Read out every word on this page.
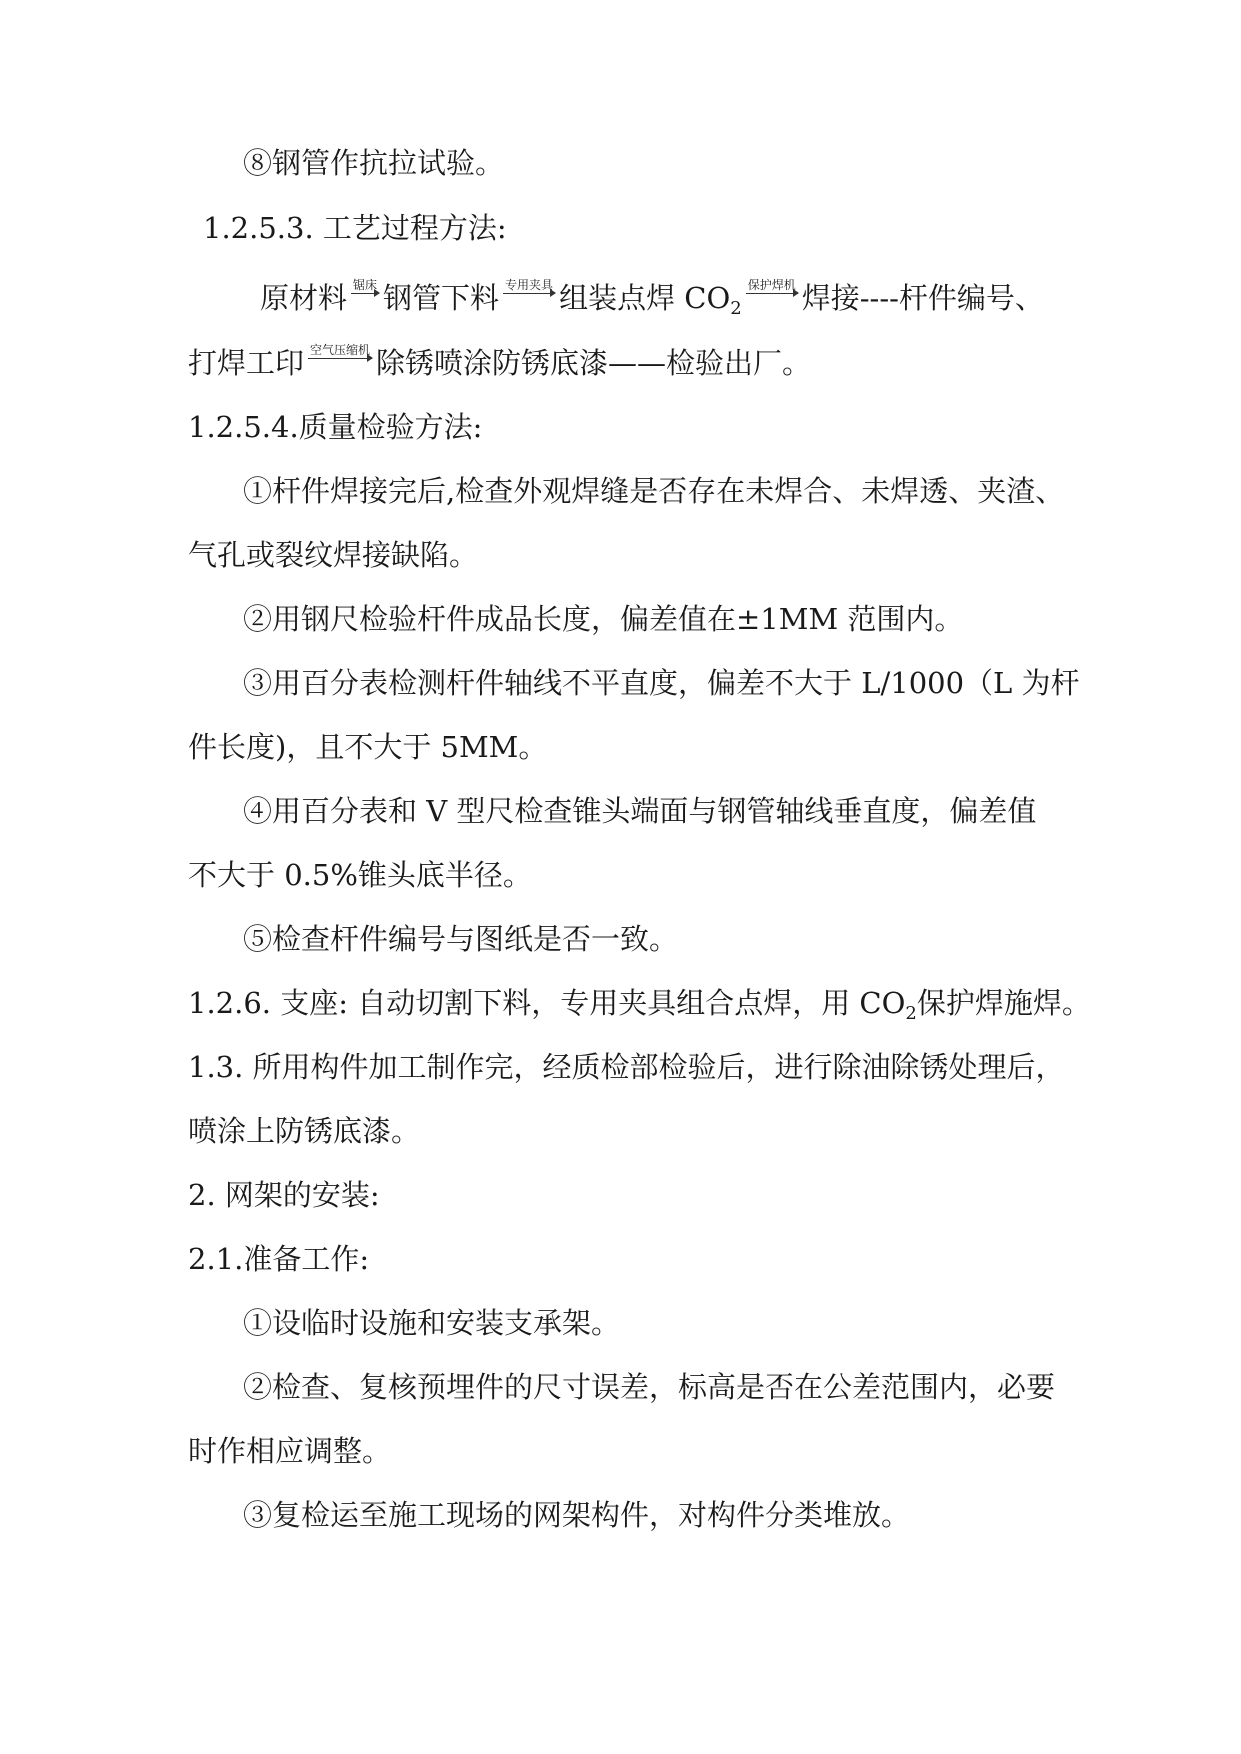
⑧钢管作抗拉试验。
1.2.5.3. 工艺过程方法:
原材料 锯床 钢管下料 专用夹具 组装点焊 $CO_2$保护焊机 焊接----杆件编号、
打焊工印 空气压缩机 除锈喷涂防锈底漆——检验出厂。
1.2.5.4.质量检验方法:
①杆件焊接完后,检查外观焊缝是否存在未焊合、未焊透、夹渣、
气孔或裂纹焊接缺陷。
②用钢尺检验杆件成品长度，偏差值在±1MM 范围内。
③用百分表检测杆件轴线不平直度，偏差不大于 L/1000（L 为杆
件长度)，且不大于 5MM。
④用百分表和 V 型尺检查锥头端面与钢管轴线垂直度，偏差值
不大于 0.5%锥头底半径。
⑤检查杆件编号与图纸是否一致。
1.2.6. 支座: 自动切割下料，专用夹具组合点焊，用 $CO_2$保护焊施焊。
1.3. 所用构件加工制作完，经质检部检验后，进行除油除锈处理后，
喷涂上防锈底漆。
2. 网架的安装:
2.1.准备工作:
①设临时设施和安装支承架。
②检查、复核预埋件的尺寸误差，标高是否在公差范围内，必要
时作相应调整。
③复检运至施工现场的网架构件，对构件分类堆放。
